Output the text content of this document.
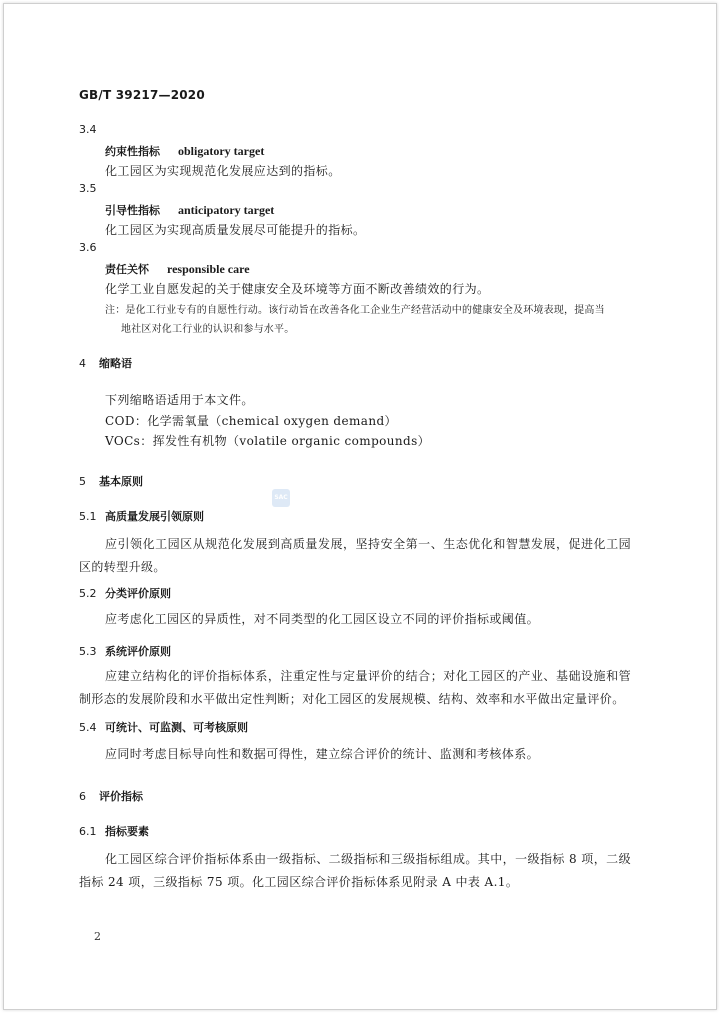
GB/T 39217—2020
3.4
约束性指标 obligatory target
化工园区为实现规范化发展应达到的指标。
3.5
引导性指标 anticipatory target
化工园区为实现高质量发展尽可能提升的指标。
3.6
责任关怀 responsible care
化学工业自愿发起的关于健康安全及环境等方面不断改善绩效的行为。
注：是化工行业专有的自愿性行动。该行动旨在改善各化工企业生产经营活动中的健康安全及环境表现，提高当
地社区对化工行业的认识和参与水平。
4 缩略语
下列缩略语适用于本文件。
COD：化学需氧量（chemical oxygen demand）
VOCs：挥发性有机物（volatile organic compounds）
5 基本原则
SAC
5.1 高质量发展引领原则
应引领化工园区从规范化发展到高质量发展，坚持安全第一、生态优化和智慧发展，促进化工园区的转型升级。
5.2 分类评价原则
应考虑化工园区的异质性，对不同类型的化工园区设立不同的评价指标或阈值。
5.3 系统评价原则
应建立结构化的评价指标体系，注重定性与定量评价的结合；对化工园区的产业、基础设施和管制形态的发展阶段和水平做出定性判断；对化工园区的发展规模、结构、效率和水平做出定量评价。
5.4 可统计、可监测、可考核原则
应同时考虑目标导向性和数据可得性，建立综合评价的统计、监测和考核体系。
6 评价指标
6.1 指标要素
化工园区综合评价指标体系由一级指标、二级指标和三级指标组成。其中，一级指标 8 项，二级指标 24 项，三级指标 75 项。化工园区综合评价指标体系见附录 A 中表 A.1。
2
